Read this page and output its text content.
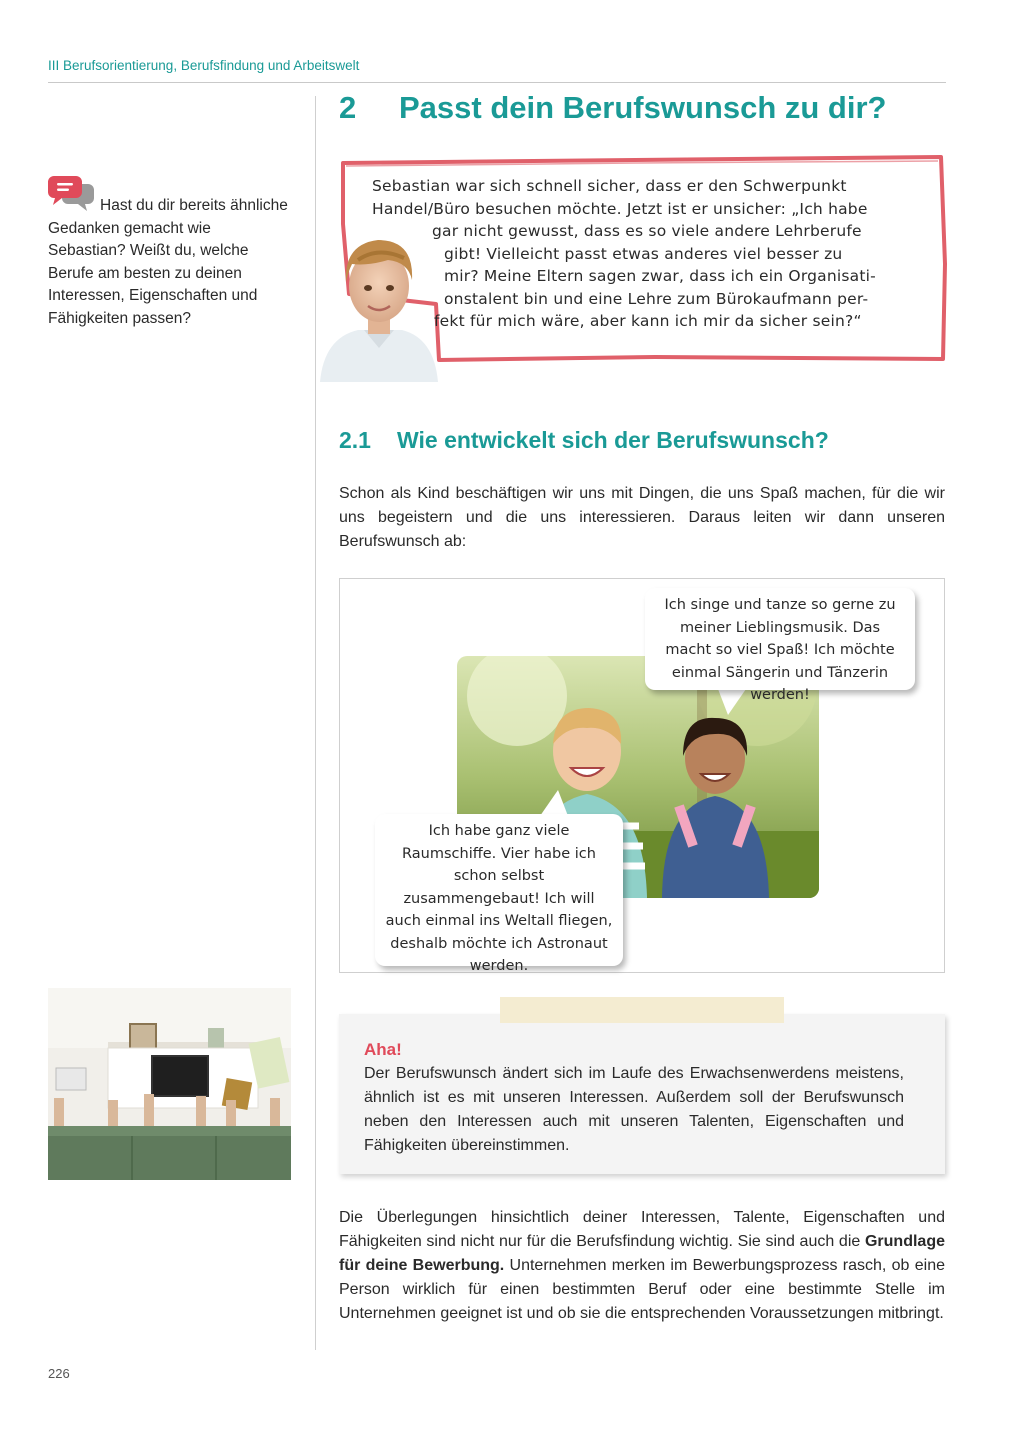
III Berufsorientierung, Berufsfindung und Arbeitswelt
Hast du dir bereits ähnliche Gedanken gemacht wie Sebastian? Weißt du, welche Berufe am besten zu deinen Interessen, Eigenschaften und Fähigkeiten passen?
2	Passt dein Berufswunsch zu dir?
Sebastian war sich schnell sicher, dass er den Schwerpunkt
Handel/Büro besuchen möchte. Jetzt ist er unsicher: „Ich habe
gar nicht gewusst, dass es so viele andere Lehrberufe
gibt! Vielleicht passt etwas anderes viel besser zu
mir? Meine Eltern sagen zwar, dass ich ein Organisati-
onstalent bin und eine Lehre zum Bürokaufmann per-
fekt für mich wäre, aber kann ich mir da sicher sein?“
2.1	Wie entwickelt sich der Berufswunsch?
Schon als Kind beschäftigen wir uns mit Dingen, die uns Spaß machen, für die wir uns begeistern und die uns interessieren. Daraus leiten wir dann unseren Berufswunsch ab:
Ich singe und tanze so gerne zu meiner Lieblingsmusik. Das macht so viel Spaß! Ich möchte einmal Sängerin und Tänzerin werden!
Ich habe ganz viele Raumschiffe. Vier habe ich schon selbst zusammengebaut! Ich will auch einmal ins Weltall fliegen, deshalb möchte ich Astronaut werden.
Aha!
Der Berufswunsch ändert sich im Laufe des Erwachsenwerdens meistens, ähnlich ist es mit unseren Interessen. Außerdem soll der Berufswunsch neben den Interessen auch mit unseren Talenten, Eigenschaften und Fähigkeiten übereinstimmen.
Die Überlegungen hinsichtlich deiner Interessen, Talente, Eigenschaften und Fähigkeiten sind nicht nur für die Berufsfindung wichtig. Sie sind auch die Grundlage für deine Bewerbung. Unternehmen merken im Bewerbungsprozess rasch, ob eine Person wirklich für einen bestimmten Beruf oder eine bestimmte Stelle im Unternehmen geeignet ist und ob sie die entsprechenden Voraussetzungen mitbringt.
226
